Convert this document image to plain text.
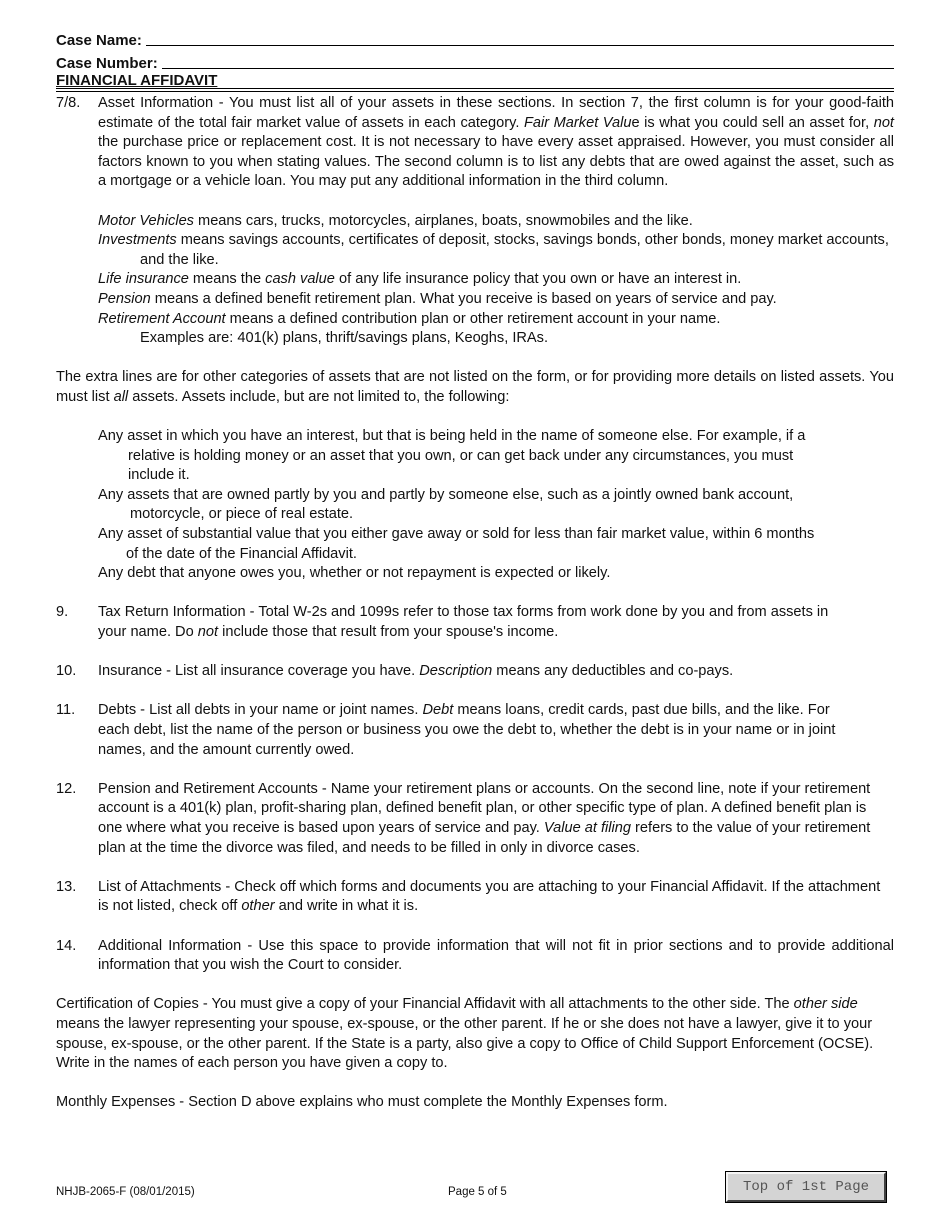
Case Name:
Case Number:
FINANCIAL AFFIDAVIT
7/8.	Asset Information - You must list all of your assets in these sections. In section 7, the first column is for your good-faith estimate of the total fair market value of assets in each category. Fair Market Value is what you could sell an asset for, not the purchase price or replacement cost. It is not necessary to have every asset appraised. However, you must consider all factors known to you when stating values. The second column is to list any debts that are owed against the asset, such as a mortgage or a vehicle loan. You may put any additional information in the third column.

Motor Vehicles means cars, trucks, motorcycles, airplanes, boats, snowmobiles and the like.

Investments means savings accounts, certificates of deposit, stocks, savings bonds, other bonds, money market accounts, and the like.

Life insurance means the cash value of any life insurance policy that you own or have an interest in.

Pension means a defined benefit retirement plan. What you receive is based on years of service and pay.

Retirement Account means a defined contribution plan or other retirement account in your name.

Examples are: 401(k) plans, thrift/savings plans, Keoghs, IRAs.

The extra lines are for other categories of assets that are not listed on the form, or for providing more details on listed assets. You must list all assets. Assets include, but are not limited to, the following:

Any asset in which you have an interest, but that is being held in the name of someone else. For example, if a relative is holding money or an asset that you own, or can get back under any circumstances, you must include it.

Any assets that are owned partly by you and partly by someone else, such as a jointly owned bank account, motorcycle, or piece of real estate.

Any asset of substantial value that you either gave away or sold for less than fair market value, within 6 months of the date of the Financial Affidavit.

Any debt that anyone owes you, whether or not repayment is expected or likely.

9.	Tax Return Information - Total W-2s and 1099s refer to those tax forms from work done by you and from assets in your name. Do not include those that result from your spouse's income.

10.	Insurance - List all insurance coverage you have. Description means any deductibles and co-pays.

11.	Debts - List all debts in your name or joint names. Debt means loans, credit cards, past due bills, and the like. For each debt, list the name of the person or business you owe the debt to, whether the debt is in your name or in joint names, and the amount currently owed.

12.	Pension and Retirement Accounts - Name your retirement plans or accounts. On the second line, note if your retirement account is a 401(k) plan, profit-sharing plan, defined benefit plan, or other specific type of plan. A defined benefit plan is one where what you receive is based upon years of service and pay. Value at filing refers to the value of your retirement plan at the time the divorce was filed, and needs to be filled in only in divorce cases.

13.	List of Attachments - Check off which forms and documents you are attaching to your Financial Affidavit. If the attachment is not listed, check off other and write in what it is.

14.	Additional Information - Use this space to provide information that will not fit in prior sections and to provide additional information that you wish the Court to consider.

Certification of Copies - You must give a copy of your Financial Affidavit with all attachments to the other side. The other side means the lawyer representing your spouse, ex-spouse, or the other parent. If he or she does not have a lawyer, give it to your spouse, ex-spouse, or the other parent. If the State is a party, also give a copy to Office of Child Support Enforcement (OCSE). Write in the names of each person you have given a copy to.

Monthly Expenses - Section D above explains who must complete the Monthly Expenses form.

NHJB-2065-F (08/01/2015)	Page 5 of 5	Top of 1st Page
